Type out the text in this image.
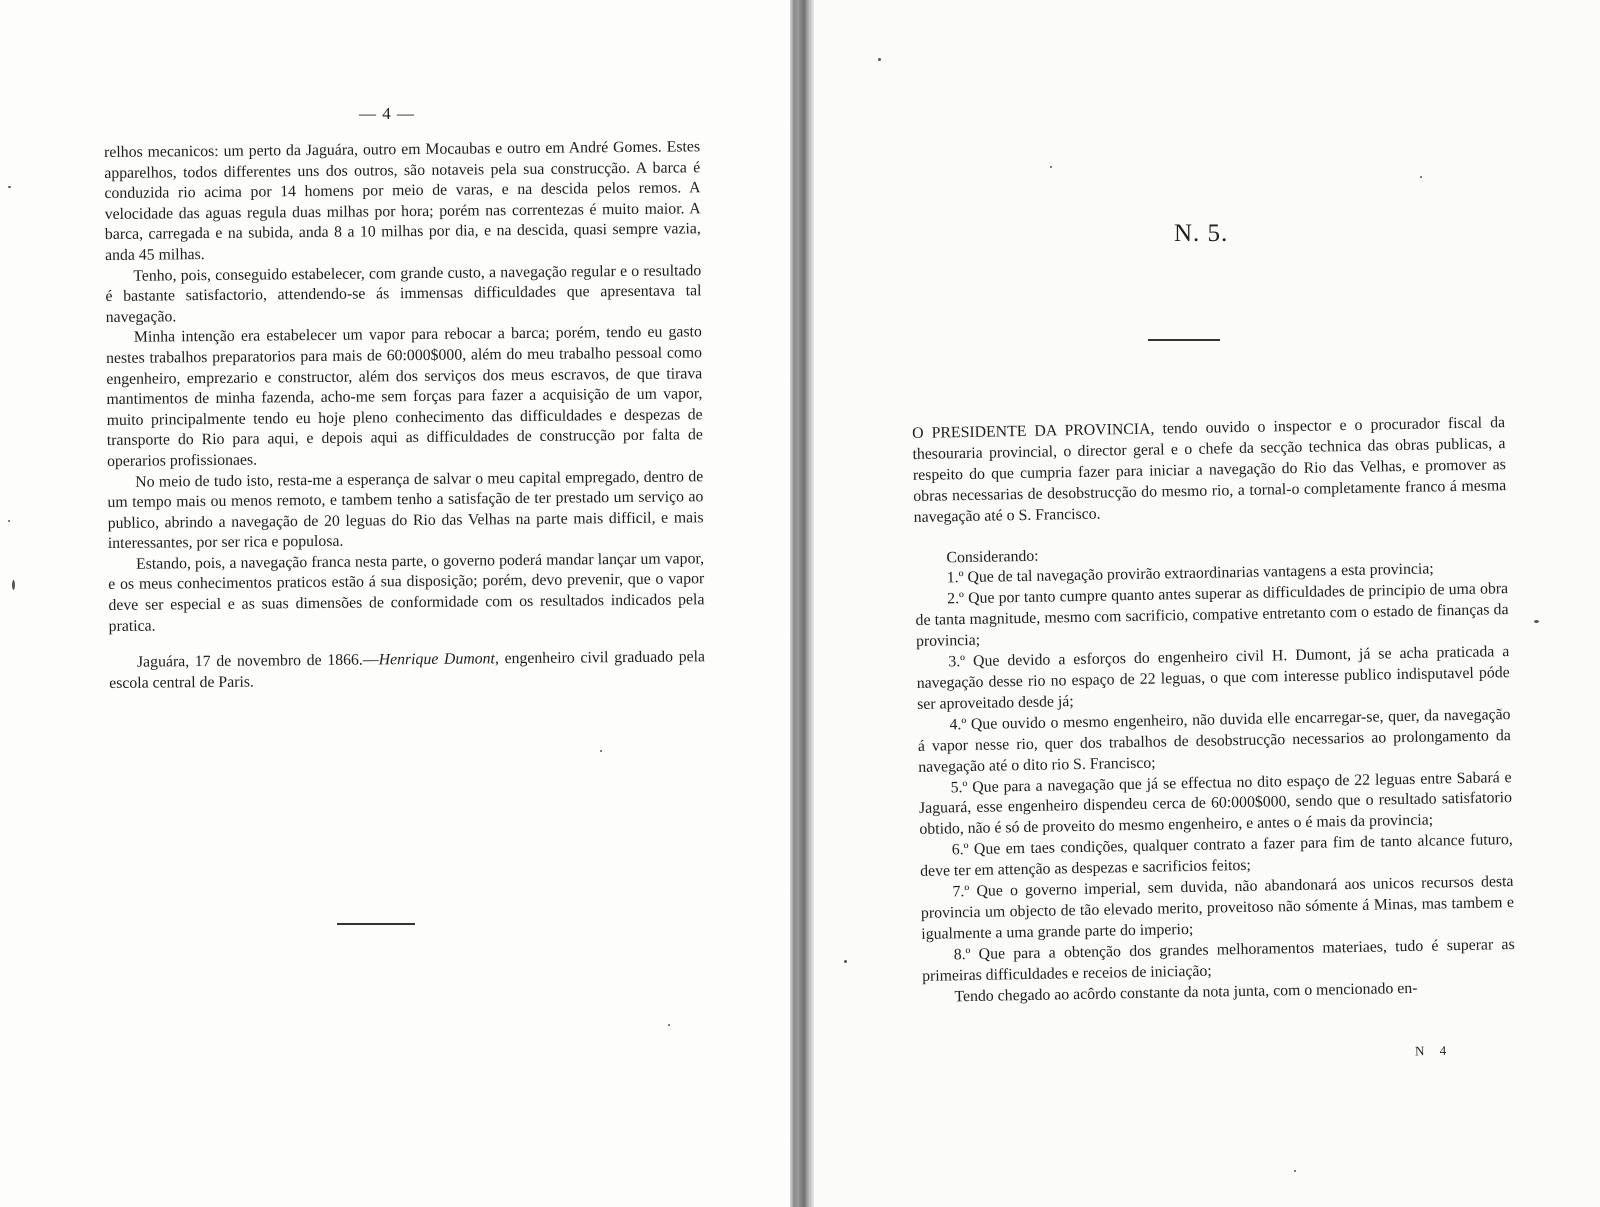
— 4 —

relhos mecanicos: um perto da Jaguára, outro em Mocaubas e outro em André Gomes. Estes apparelhos, todos differentes uns dos outros, são notaveis pela sua construcção. A barca é conduzida rio acima por 14 homens por meio de varas, e na descida pelos remos. A velocidade das aguas regula duas milhas por hora; porém nas correntezas é muito maior. A barca, carregada e na subida, anda 8 a 10 milhas por dia, e na descida, quasi sempre vazia, anda 45 milhas.

Tenho, pois, conseguido estabelecer, com grande custo, a navegação regular e o resultado é bastante satisfactorio, attendendo-se ás immensas difficuldades que apresentava tal navegação.

Minha intenção era estabelecer um vapor para rebocar a barca; porém, tendo eu gasto nestes trabalhos preparatorios para mais de 60:000$000, além do meu trabalho pessoal como engenheiro, emprezario e constructor, além dos serviços dos meus escravos, de que tirava mantimentos de minha fazenda, acho-me sem forças para fazer a acquisição de um vapor, muito principalmente tendo eu hoje pleno conhecimento das difficuldades e despezas de transporte do Rio para aqui, e depois aqui as difficuldades de construcção por falta de operarios profissionaes.

No meio de tudo isto, resta-me a esperança de salvar o meu capital empregado, dentro de um tempo mais ou menos remoto, e tambem tenho a satisfação de ter prestado um serviço ao publico, abrindo a navegação de 20 leguas do Rio das Velhas na parte mais difficil, e mais interessantes, por ser rica e populosa.

Estando, pois, a navegação franca nesta parte, o governo poderá mandar lançar um vapor, e os meus conhecimentos praticos estão á sua disposição; porém, devo prevenir, que o vapor deve ser especial e as suas dimensões de conformidade com os resultados indicados pela pratica.

Jaguára, 17 de novembro de 1866.—Henrique Dumont, engenheiro civil graduado pela escola central de Paris.

N. 5.

O PRESIDENTE DA PROVINCIA, tendo ouvido o inspector e o procurador fiscal da thesouraria provincial, o director geral e o chefe da secção technica das obras publicas, a respeito do que cumpria fazer para iniciar a navegação do Rio das Velhas, e promover as obras necessarias de desobstrucção do mesmo rio, a tornal-o completamente franco á mesma navegação até o S. Francisco.

Considerando:

1.º Que de tal navegação provirão extraordinarias vantagens a esta provincia;

2.º Que por tanto cumpre quanto antes superar as difficuldades de principio de uma obra de tanta magnitude, mesmo com sacrificio, compative entretanto com o estado de finanças da provincia;

3.º Que devido a esforços do engenheiro civil H. Dumont, já se acha praticada a navegação desse rio no espaço de 22 leguas, o que com interesse publico indisputavel póde ser aproveitado desde já;

4.º Que ouvido o mesmo engenheiro, não duvida elle encarregar-se, quer, da navegação á vapor nesse rio, quer dos trabalhos de desobstrucção necessarios ao prolongamento da navegação até o dito rio S. Francisco;

5.º Que para a navegação que já se effectua no dito espaço de 22 leguas entre Sabará e Jaguará, esse engenheiro dispendeu cerca de 60:000$000, sendo que o resultado satisfatorio obtido, não é só de proveito do mesmo engenheiro, e antes o é mais da provincia;

6.º Que em taes condições, qualquer contrato a fazer para fim de tanto alcance futuro, deve ter em attenção as despezas e sacrificios feitos;

7.º Que o governo imperial, sem duvida, não abandonará aos unicos recursos desta provincia um objecto de tão elevado merito, proveitoso não sómente á Minas, mas tambem e igualmente a uma grande parte do imperio;

8.º Que para a obtenção dos grandes melhoramentos materiaes, tudo é superar as primeiras difficuldades e receios de iniciação;

Tendo chegado ao acôrdo constante da nota junta, com o mencionado en-

N 4
